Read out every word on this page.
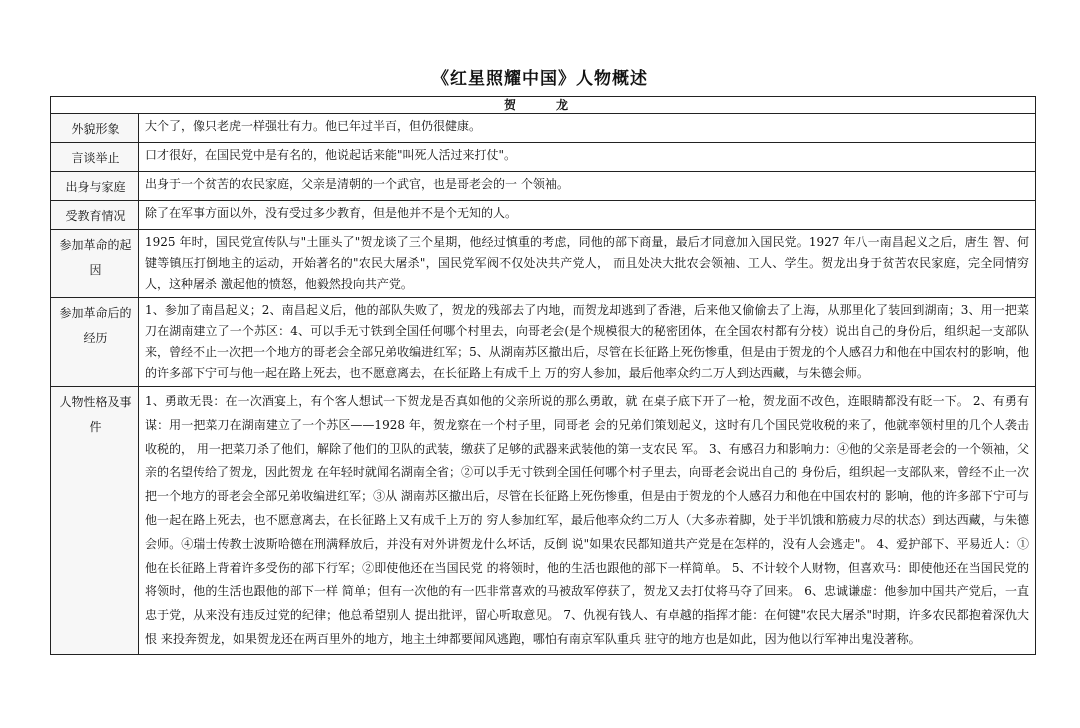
《红星照耀中国》人物概述
贺　龙	
外貌形象	大个了，像只老虎一样强壮有力。他已年过半百，但仍很健康。
言谈举止	口才很好，在国民党中是有名的，他说起话来能"叫死人活过来打仗"。
出身与家庭	出身于一个贫苦的农民家庭，父亲是清朝的一个武官，也是哥老会的一 个领袖。
受教育情况	除了在军事方面以外，没有受过多少教育，但是他并不是个无知的人。
参加革命的起因	1925 年时，国民党宣传队与"土匪头了"贺龙谈了三个星期，他经过慎重的考虑，同他的部下商量，最后才同意加入国民党。1927 年八一南昌起义之后，唐生 智、何键等镇压打倒地主的运动，开始著名的"农民大屠杀"，国民党军阀不仅处决共产党人， 而且处决大批农会领袖、工人、学生。贺龙出身于贫苦农民家庭，完全同情穷人，这种屠杀 激起他的愤怒，他毅然投向共产党。
参加革命后的经历	1、参加了南昌起义；2、南昌起义后，他的部队失败了，贺龙的残部去了内地，而贺龙却逃到了香港，后来他又偷偷去了上海，从那里化了装回到湖南；3、用一把菜刀在湖南建立了一个苏区：4、可以手无寸铁到全国任何哪个村里去，向哥老会(是个规模很大的秘密团体，在全国农村都有分枝）说出自己的身份后，组织起一支部队来，曾经不止一次把一个地方的哥老会全部兄弟收编进红军；5、从湖南苏区撤出后，尽管在长征路上死伤惨重，但是由于贺龙的个人感召力和他在中国农村的影响，他的许多部下宁可与他一起在路上死去，也不愿意离去，在长征路上有成千上 万的穷人参加，最后他率众约二万人到达西藏，与朱德会师。
人物性格及事件	1、勇敢无畏：在一次酒宴上，有个客人想试一下贺龙是否真如他的父亲所说的那么勇敢，就 在桌子底下开了一枪，贺龙面不改色，连眼睛都没有眨一下。 2、有勇有谋：用一把菜刀在湖南建立了一个苏区——1928 年，贺龙察在一个村子里，同哥老 会的兄弟们策划起义，这时有几个国民党收税的来了，他就率领村里的几个人袭击收税的， 用一把菜刀杀了他们，解除了他们的卫队的武装，缴获了足够的武器来武装他的第一支农民 军。 3、有感召力和影响力：④他的父亲是哥老会的一个领袖，父亲的名望传给了贺龙，因此贺龙 在年轻时就闻名湖南全省；②可以手无寸铁到全国任何哪个村子里去，向哥老会说出自己的 身份后，组织起一支部队来，曾经不止一次把一个地方的哥老会全部兄弟收编进红军；③从 湖南苏区撤出后，尽管在长征路上死伤惨重，但是由于贺龙的个人感召力和他在中国农村的 影响，他的许多部下宁可与他一起在路上死去，也不愿意离去，在长征路上又有成千上万的 穷人参加红军，最后他率众约二万人（大多赤着脚，处于半饥饿和筋疲力尽的状态）到达西藏，与朱德会师。④瑞士传教士波斯哈德在刑满释放后，并没有对外讲贺龙什么坏话，反倒 说"如果农民都知道共产党是在怎样的，没有人会逃走"。 4、爱护部下、平易近人：①他在长征路上背着许多受伤的部下行军；②即使他还在当国民党 的将领时，他的生活也跟他的部下一样简单。 5、不计较个人财物，但喜欢马：即使他还在当国民党的将领时，他的生活也跟他的部下一样 简单；但有一次他的有一匹非常喜欢的马被敌军停获了，贺龙又去打仗将马夺了回来。 6、忠诚谦虚：他参加中国共产党后，一直忠于党，从来没有违反过党的纪律；他总希望别人 提出批评，留心听取意见。 7、仇视有钱人、有卓越的指挥才能：在何键"农民大屠杀"时期，许多农民都抱着深仇大恨 来投奔贺龙，如果贺龙还在两百里外的地方，地主土绅都要闻风逃跑，哪怕有南京军队重兵 驻守的地方也是如此，因为他以行军神出鬼没著称。
